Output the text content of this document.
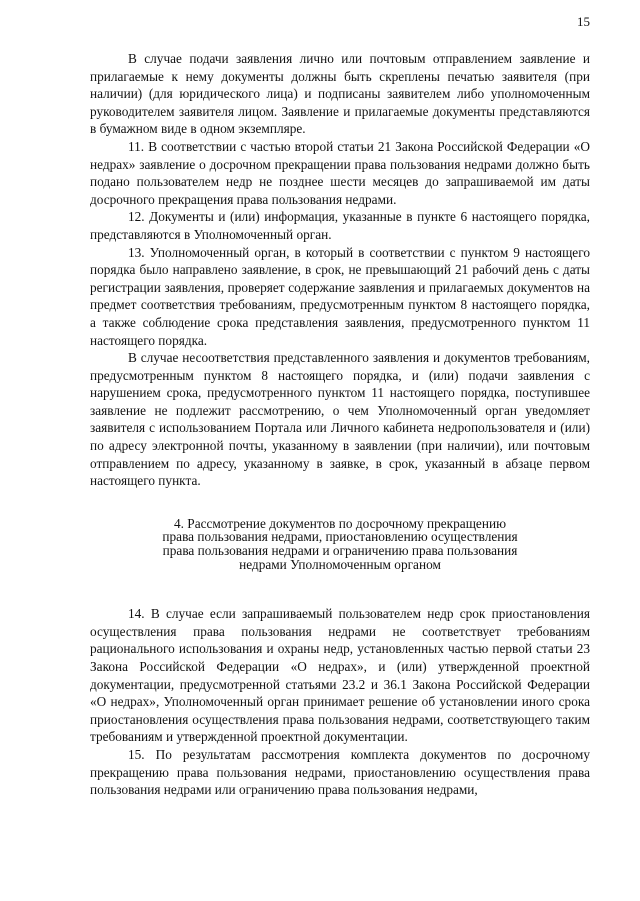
15

В случае подачи заявления лично или почтовым отправлением заявление и прилагаемые к нему документы должны быть скреплены печатью заявителя (при наличии) (для юридического лица) и подписаны заявителем либо уполномоченным руководителем заявителя лицом. Заявление и прилагаемые документы представляются в бумажном виде в одном экземпляре.

11. В соответствии с частью второй статьи 21 Закона Российской Федерации «О недрах» заявление о досрочном прекращении права пользования недрами должно быть подано пользователем недр не позднее шести месяцев до запрашиваемой им даты досрочного прекращения права пользования недрами.

12. Документы и (или) информация, указанные в пункте 6 настоящего порядка, представляются в Уполномоченный орган.

13. Уполномоченный орган, в который в соответствии с пунктом 9 настоящего порядка было направлено заявление, в срок, не превышающий 21 рабочий день с даты регистрации заявления, проверяет содержание заявления и прилагаемых документов на предмет соответствия требованиям, предусмотренным пунктом 8 настоящего порядка, а также соблюдение срока представления заявления, предусмотренного пунктом 11 настоящего порядка.

В случае несоответствия представленного заявления и документов требованиям, предусмотренным пунктом 8 настоящего порядка, и (или) подачи заявления с нарушением срока, предусмотренного пунктом 11 настоящего порядка, поступившее заявление не подлежит рассмотрению, о чем Уполномоченный орган уведомляет заявителя с использованием Портала или Личного кабинета недропользователя и (или) по адресу электронной почты, указанному в заявлении (при наличии), или почтовым отправлением по адресу, указанному в заявке, в срок, указанный в абзаце первом настоящего пункта.

4. Рассмотрение документов по досрочному прекращению
права пользования недрами, приостановлению осуществления
права пользования недрами и ограничению права пользования
недрами Уполномоченным органом

14. В случае если запрашиваемый пользователем недр срок приостановления осуществления права пользования недрами не соответствует требованиям рационального использования и охраны недр, установленных частью первой статьи 23 Закона Российской Федерации «О недрах», и (или) утвержденной проектной документации, предусмотренной статьями 23.2 и 36.1 Закона Российской Федерации «О недрах», Уполномоченный орган принимает решение об установлении иного срока приостановления осуществления права пользования недрами, соответствующего таким требованиям и утвержденной проектной документации.

15. По результатам рассмотрения комплекта документов по досрочному прекращению права пользования недрами, приостановлению осуществления права пользования недрами или ограничению права пользования недрами,
